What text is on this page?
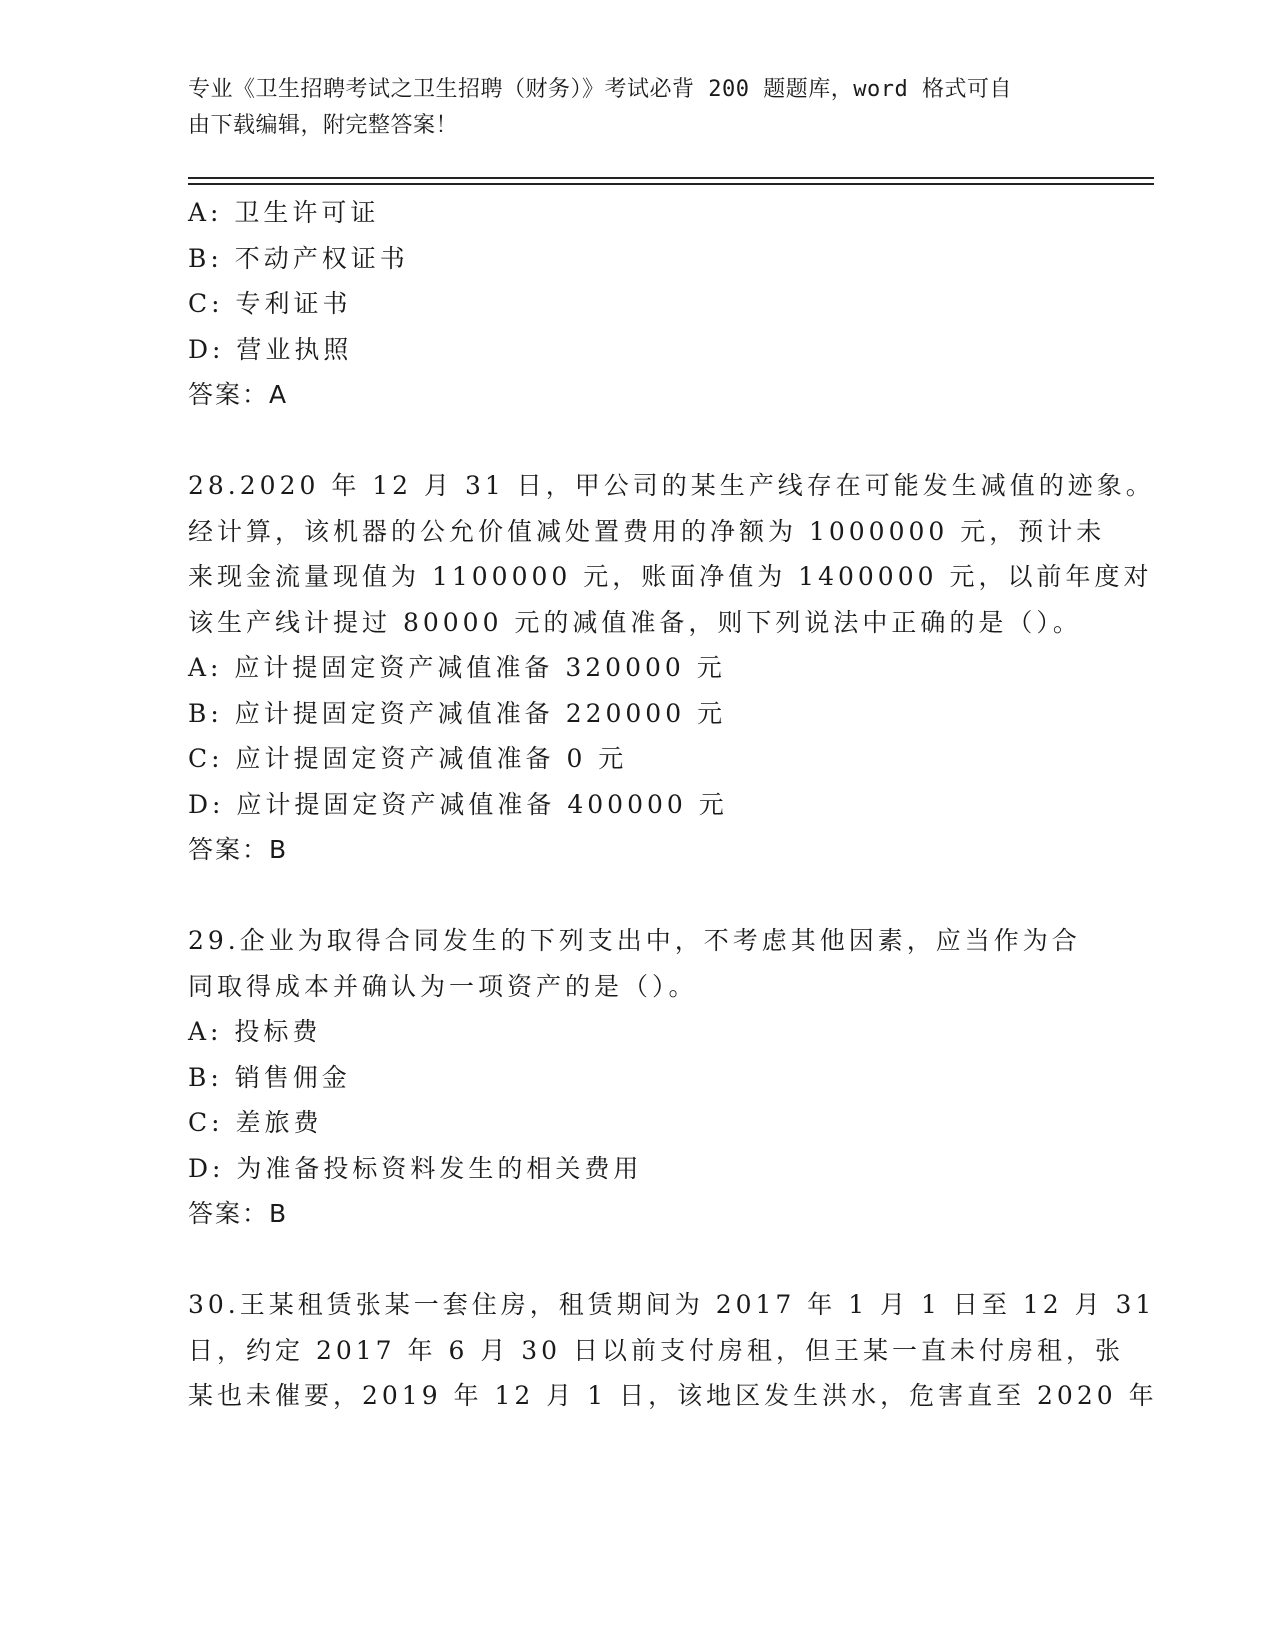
专业《卫生招聘考试之卫生招聘（财务）》考试必背 200 题题库，word 格式可自
由下载编辑，附完整答案！
A: 卫生许可证
B: 不动产权证书
C: 专利证书
D: 营业执照
答案：A
28.2020 年 12 月 31 日，甲公司的某生产线存在可能发生减值的迹象。
经计算，该机器的公允价值减处置费用的净额为 1000000 元，预计未
来现金流量现值为 1100000 元，账面净值为 1400000 元，以前年度对
该生产线计提过 80000 元的减值准备，则下列说法中正确的是（）。
A: 应计提固定资产减值准备 320000 元
B: 应计提固定资产减值准备 220000 元
C: 应计提固定资产减值准备 0 元
D: 应计提固定资产减值准备 400000 元
答案：B
29.企业为取得合同发生的下列支出中，不考虑其他因素，应当作为合
同取得成本并确认为一项资产的是（）。
A: 投标费
B: 销售佣金
C: 差旅费
D: 为准备投标资料发生的相关费用
答案：B
30.王某租赁张某一套住房，租赁期间为 2017 年 1 月 1 日至 12 月 31
日，约定 2017 年 6 月 30 日以前支付房租，但王某一直未付房租，张
某也未催要，2019 年 12 月 1 日，该地区发生洪水，危害直至 2020 年
